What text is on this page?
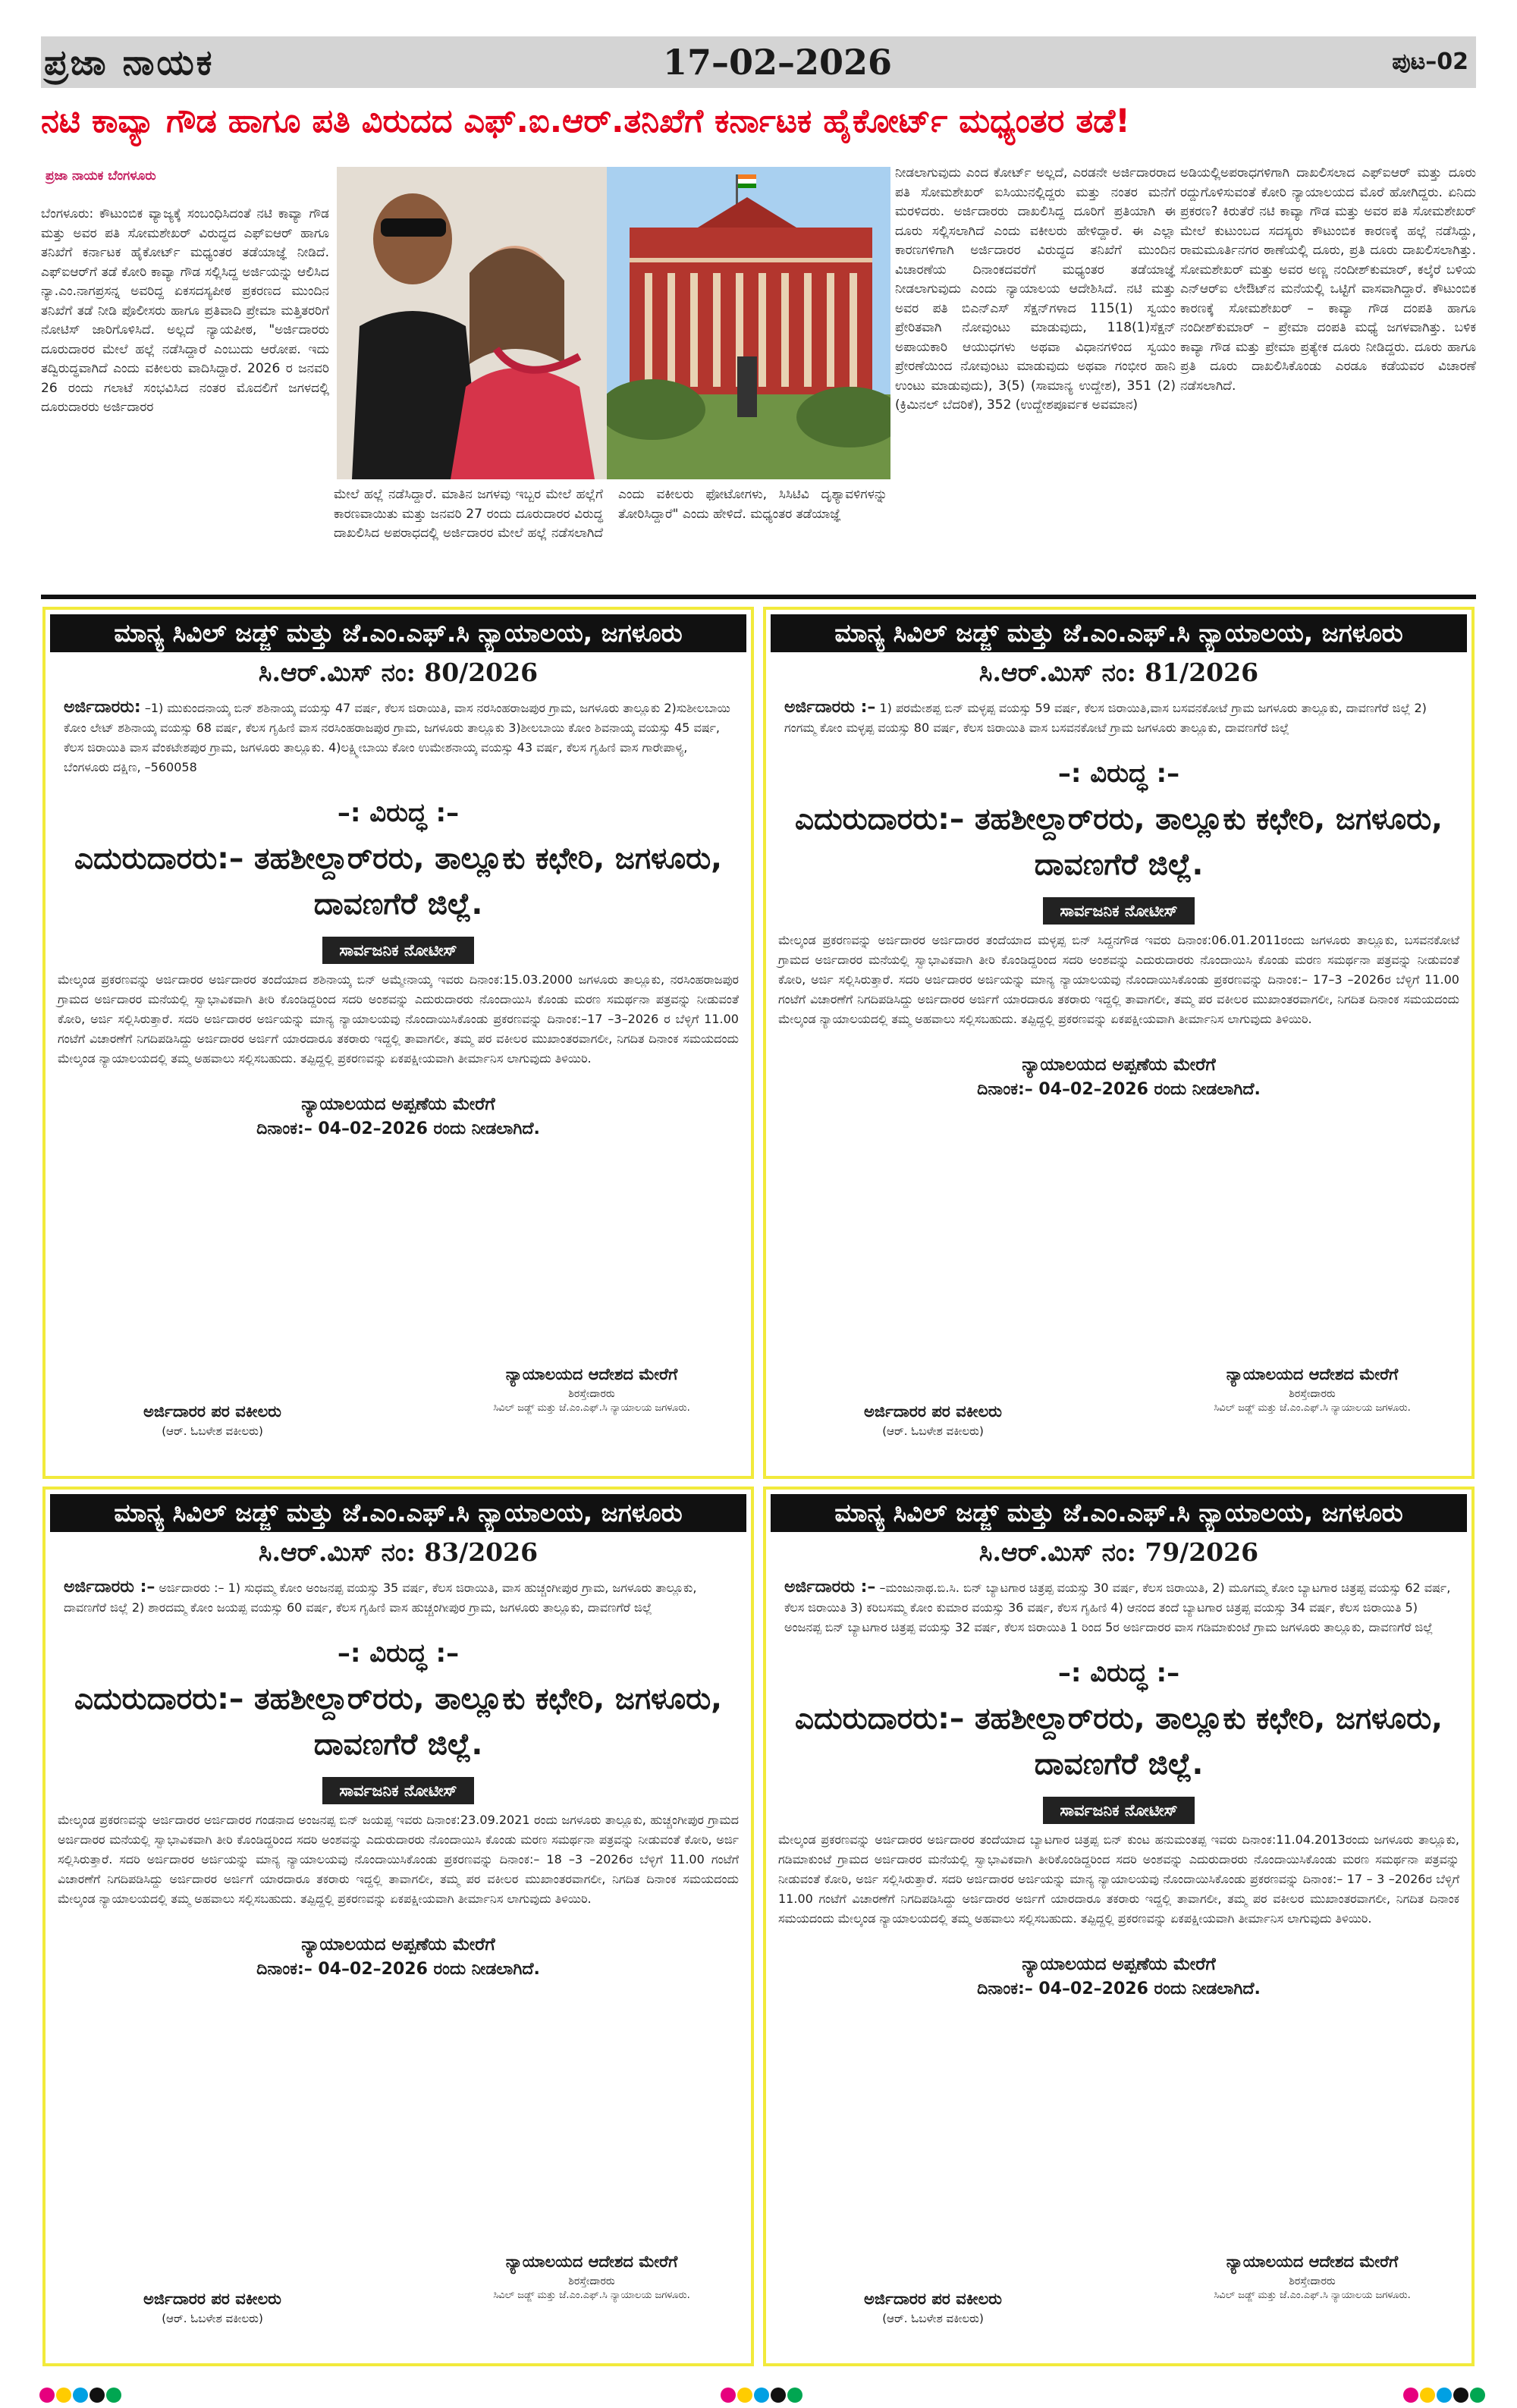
ಪ್ರಜಾ ನಾಯಕ	17–02–2026	ಪುಟ–02
ನಟಿ ಕಾವ್ಯಾ ಗೌಡ ಹಾಗೂ ಪತಿ ವಿರುದದ ಎಫ್.ಐ.ಆರ್.ತನಿಖೆಗೆ ಕರ್ನಾಟಕ ಹೈಕೋರ್ಟ್ ಮಧ್ಯಂತರ ತಡೆ!
ಪ್ರಜಾ ನಾಯಕ ಬೆಂಗಳೂರು
ಬೆಂಗಳೂರು: ಕೌಟುಂಬಿಕ ವ್ಯಾಜ್ಯಕ್ಕೆ ಸಂಬಂಧಿಸಿದಂತೆ ನಟಿ ಕಾವ್ಯಾ ಗೌಡ ಮತ್ತು ಅವರ ಪತಿ ಸೋಮಶೇಖರ್ ವಿರುದ್ಧದ ಎಫ್‌ಐಆರ್ ಹಾಗೂ ತನಿಖೆಗೆ ಕರ್ನಾಟಕ ಹೈಕೋರ್ಟ್ ಮಧ್ಯಂತರ ತಡೆಯಾಜ್ಞೆ ನೀಡಿದೆ. ಎಫ್‌ಐಆರ್‌ಗೆ ತಡೆ ಕೋರಿ ಕಾವ್ಯಾ ಗೌಡ ಸಲ್ಲಿಸಿದ್ದ ಅರ್ಜಿಯನ್ನು ಆಲಿಸಿದ ನ್ಯಾ.ಎಂ.ನಾಗಪ್ರಸನ್ನ ಅವರಿದ್ದ ಏಕಸದಸ್ಯಪೀಠ ಪ್ರಕರಣದ ಮುಂದಿನ ತನಿಖೆಗೆ ತಡೆ ನೀಡಿ ಪೊಲೀಸರು ಹಾಗೂ ಪ್ರತಿವಾದಿ ಪ್ರೇಮಾ ಮತ್ತಿತರರಿಗೆ ನೋಟಿಸ್ ಜಾರಿಗೊಳಿಸಿದೆ. ಅಲ್ಲದೆ ನ್ಯಾಯಪೀಠ, "ಅರ್ಜಿದಾರರು ದೂರುದಾರರ ಮೇಲೆ ಹಲ್ಲೆ ನಡೆಸಿದ್ದಾರೆ ಎಂಬುದು ಆರೋಪ. ಇದು ತದ್ವಿರುದ್ಧವಾಗಿದೆ ಎಂದು ವಕೀಲರು ವಾದಿಸಿದ್ದಾರೆ. 2026 ರ ಜನವರಿ 26 ರಂದು ಗಲಾಟೆ ಸಂಭವಿಸಿದ ನಂತರ ಮೊದಲಿಗೆ ಜಗಳದಲ್ಲಿ ದೂರುದಾರರು ಅರ್ಜಿದಾರರ
ಮೇಲೆ ಹಲ್ಲೆ ನಡೆಸಿದ್ದಾರೆ. ಮಾತಿನ ಜಗಳವು ಇಬ್ಬರ ಮೇಲೆ ಹಲ್ಲೆಗೆ ಕಾರಣವಾಯಿತು ಮತ್ತು ಜನವರಿ 27 ರಂದು ದೂರುದಾರರ ವಿರುದ್ಧ ದಾಖಲಿಸಿದ ಅಪರಾಧದಲ್ಲಿ ಅರ್ಜಿದಾರರ ಮೇಲೆ ಹಲ್ಲೆ ನಡೆಸಲಾಗಿದೆ ಎಂದು ವಕೀಲರು ಫೋಟೋಗಳು, ಸಿಸಿಟಿವಿ ದೃಶ್ಯಾವಳಿಗಳನ್ನು ತೋರಿಸಿದ್ದಾರೆ" ಎಂದು ಹೇಳಿದೆ. ಮಧ್ಯಂತರ ತಡೆಯಾಜ್ಞೆ
ನೀಡಲಾಗುವುದು ಎಂದ ಕೋರ್ಟ್ ಅಲ್ಲದೆ, ಎರಡನೇ ಅರ್ಜಿದಾರರಾದ ಪತಿ ಸೋಮಶೇಖರ್ ಐಸಿಯುನಲ್ಲಿದ್ದರು ಮತ್ತು ನಂತರ ಮನೆಗೆ ಮರಳಿದರು. ಅರ್ಜಿದಾರರು ದಾಖಲಿಸಿದ್ದ ದೂರಿಗೆ ಪ್ರತಿಯಾಗಿ ಈ ದೂರು ಸಲ್ಲಿಸಲಾಗಿದೆ ಎಂದು ವಕೀಲರು ಹೇಳಿದ್ದಾರೆ. ಈ ಎಲ್ಲಾ ಕಾರಣಗಳಿಗಾಗಿ ಅರ್ಜಿದಾರರ ವಿರುದ್ಧದ ತನಿಖೆಗೆ ಮುಂದಿನ ವಿಚಾರಣೆಯ ದಿನಾಂಕದವರೆಗೆ ಮಧ್ಯಂತರ ತಡೆಯಾಜ್ಞೆ ನೀಡಲಾಗುವುದು ಎಂದು ನ್ಯಾಯಾಲಯ ಆದೇಶಿಸಿದೆ. ನಟಿ ಮತ್ತು ಅವರ ಪತಿ ಬಿಎನ್‌ಎಸ್ ಸೆಕ್ಷನ್‌ಗಳಾದ 115(1) ಸ್ವಯಂ ಪ್ರೇರಿತವಾಗಿ ನೋವುಂಟು ಮಾಡುವುದು, 118(1)ಸೆಕ್ಷನ್ ಅಪಾಯಕಾರಿ ಆಯುಧಗಳು ಅಥವಾ ವಿಧಾನಗಳಿಂದ ಸ್ವಯಂ ಪ್ರೇರಣೆಯಿಂದ ನೋವುಂಟು ಮಾಡುವುದು ಅಥವಾ ಗಂಭೀರ ಹಾನಿ ಉಂಟು ಮಾಡುವುದು), 3(5) (ಸಾಮಾನ್ಯ ಉದ್ದೇಶ), 351 (2) (ಕ್ರಿಮಿನಲ್ ಬೆದರಿಕೆ), 352 (ಉದ್ದೇಶಪೂರ್ವಕ ಅವಮಾನ)
ಅಡಿಯಲ್ಲಿಅಪರಾಧಗಳಿಗಾಗಿ ದಾಖಲಿಸಲಾದ ಎಫ್‌ಐಆರ್ ಮತ್ತು ದೂರು ರದ್ದುಗೊಳಿಸುವಂತೆ ಕೋರಿ ನ್ಯಾಯಾಲಯದ ಮೊರೆ ಹೋಗಿದ್ದರು. ಏನಿದು ಪ್ರಕರಣ? ಕಿರುತೆರೆ ನಟಿ ಕಾವ್ಯಾ ಗೌಡ ಮತ್ತು ಅವರ ಪತಿ ಸೋಮಶೇಖರ್ ಮೇಲೆ ಕುಟುಂಬದ ಸದಸ್ಯರು ಕೌಟುಂಬಿಕ ಕಾರಣಕ್ಕೆ ಹಲ್ಲೆ ನಡೆಸಿದ್ದು, ರಾಮಮೂರ್ತಿನಗರ ಠಾಣೆಯಲ್ಲಿ ದೂರು, ಪ್ರತಿ ದೂರು ದಾಖಲಿಸಲಾಗಿತ್ತು. ಸೋಮಶೇಖರ್ ಮತ್ತು ಅವರ ಅಣ್ಣ ನಂದೀಶ್‌ಕುಮಾರ್, ಕಲ್ಕೆರೆ ಬಳಿಯ ಎನ್‌ಆರ್‌ಐ ಲೇಔಟ್‌ನ ಮನೆಯಲ್ಲಿ ಒಟ್ಟಿಗೆ ವಾಸವಾಗಿದ್ದಾರೆ. ಕೌಟುಂಬಿಕ ಕಾರಣಕ್ಕೆ ಸೋಮಶೇಖರ್ – ಕಾವ್ಯಾ ಗೌಡ ದಂಪತಿ ಹಾಗೂ ನಂದೀಶ್‌ಕುಮಾರ್ – ಪ್ರೇಮಾ ದಂಪತಿ ಮಧ್ಯೆ ಜಗಳವಾಗಿತ್ತು. ಬಳಿಕ ಕಾವ್ಯಾ ಗೌಡ ಮತ್ತು ಪ್ರೇಮಾ ಪ್ರತ್ಯೇಕ ದೂರು ನೀಡಿದ್ದರು. ದೂರು ಹಾಗೂ ಪ್ರತಿ ದೂರು ದಾಖಲಿಸಿಕೊಂಡು ಎರಡೂ ಕಡೆಯವರ ವಿಚಾರಣೆ ನಡೆಸಲಾಗಿದೆ.
ಮಾನ್ಯ ಸಿವಿಲ್ ಜಡ್ಜ್ ಮತ್ತು ಜೆ.ಎಂ.ಎಫ್.ಸಿ ನ್ಯಾಯಾಲಯ, ಜಗಳೂರು
ಸಿ.ಆರ್.ಮಿಸ್ ನಂ: 80/2026
ಅರ್ಜಿದಾರರು: –1) ಮುಕುಂದನಾಯ್ಕ ಬಿನ್ ಶಶಿನಾಯ್ಕ ವಯಸ್ಸು 47 ವರ್ಷ, ಕೆಲಸ ಜಿರಾಯಿತಿ, ವಾಸ ನರಸಿಂಹರಾಜಪುರ ಗ್ರಾಮ, ಜಗಳೂರು ತಾಲ್ಲೂಕು 2)ಸುಶೀಲಬಾಯಿ ಕೋಂ ಲೇಟ್ ಶಶಿನಾಯ್ಕ ವಯಸ್ಸು 68 ವರ್ಷ, ಕೆಲಸ ಗೃಹಿಣಿ ವಾಸ ನರಸಿಂಹರಾಜಪುರ ಗ್ರಾಮ, ಜಗಳೂರು ತಾಲ್ಲೂಕು 3)ಶೀಲಬಾಯಿ ಕೋಂ ಶಿವನಾಯ್ಕ ವಯಸ್ಸು 45 ವರ್ಷ, ಕೆಲಸ ಜಿರಾಯಿತಿ ವಾಸ ವೆಂಕಟೇಶಪುರ ಗ್ರಾಮ, ಜಗಳೂರು ತಾಲ್ಲೂಕು. 4)ಲಕ್ಷ್ಮೀಬಾಯಿ ಕೋಂ ಉಮೇಶನಾಯ್ಕ ವಯಸ್ಸು 43 ವರ್ಷ, ಕೆಲಸ ಗೃಹಿಣಿ ವಾಸ ಗಾರೇಪಾಳ್ಯ, ಬೆಂಗಳೂರು ದಕ್ಷಿಣ, –560058
–: ವಿರುದ್ಧ :–
ಎದುರುದಾರರು:– ತಹಶೀಲ್ದಾರ್‌ರರು, ತಾಲ್ಲೂಕು ಕಛೇರಿ, ಜಗಳೂರು, ದಾವಣಗೆರೆ ಜಿಲ್ಲೆ.
ಸಾರ್ವಜನಿಕ ನೋಟೀಸ್
ಮೇಲ್ಕಂಡ ಪ್ರಕರಣವನ್ನು ಅರ್ಜಿದಾರರ ಅರ್ಜಿದಾರರ ತಂದೆಯಾದ ಶಶಿನಾಯ್ಕ ಬಿನ್ ಅಮ್ಮೇನಾಯ್ಕ ಇವರು ದಿನಾಂಕ:15.03.2000 ಜಗಳೂರು ತಾಲ್ಲೂಕು, ನರಸಿಂಹರಾಜಪುರ ಗ್ರಾಮದ ಅರ್ಜಿದಾರರ ಮನೆಯಲ್ಲಿ ಸ್ವಾಭಾವಿಕವಾಗಿ ತೀರಿ ಕೊಂಡಿದ್ದರಿಂದ ಸದರಿ ಅಂಶವನ್ನು ಎದುರುದಾರರು ನೊಂದಾಯಿಸಿ ಕೊಂಡು ಮರಣ ಸಮರ್ಥನಾ ಪತ್ರವನ್ನು ನೀಡುವಂತೆ ಕೋರಿ, ಅರ್ಜಿ ಸಲ್ಲಿಸಿರುತ್ತಾರೆ. ಸದರಿ ಅರ್ಜಿದಾರರ ಅರ್ಜಿಯನ್ನು ಮಾನ್ಯ ನ್ಯಾಯಾಲಯವು ನೊಂದಾಯಿಸಿಕೊಂಡು ಪ್ರಕರಣವನ್ನು ದಿನಾಂಕ:–17 –3–2026 ರ ಬೆಳ್ಳಿಗೆ 11.00 ಗಂಟೆಗೆ ವಿಚಾರಣೆಗೆ ನಿಗದಿಪಡಿಸಿದ್ದು ಅರ್ಜಿದಾರರ ಅರ್ಜಿಗೆ ಯಾರದಾರೂ ತಕರಾರು ಇದ್ದಲ್ಲಿ ತಾವಾಗಲೀ, ತಮ್ಮ ಪರ ವಕೀಲರ ಮುಖಾಂತರವಾಗಲೀ, ನಿಗದಿತ ದಿನಾಂಕ ಸಮಯದಂದು ಮೇಲ್ಕಂಡ ನ್ಯಾಯಾಲಯದಲ್ಲಿ ತಮ್ಮ ಅಹವಾಲು ಸಲ್ಲಿಸಬಹುದು. ತಪ್ಪಿದ್ದಲ್ಲಿ ಪ್ರಕರಣವನ್ನು ಏಕಪಕ್ಷೀಯವಾಗಿ ತೀರ್ಮಾನಿಸ ಲಾಗುವುದು ತಿಳಿಯಿರಿ.
ನ್ಯಾಯಾಲಯದ ಅಪ್ಪಣೆಯ ಮೇರೆಗೆ
ದಿನಾಂಕ:– 04–02–2026 ರಂದು ನೀಡಲಾಗಿದೆ.
ನ್ಯಾಯಾಲಯದ ಆದೇಶದ ಮೇರೆಗೆ
ಶಿರಸ್ತೇದಾರರು
ಸಿವಿಲ್ ಜಡ್ಜ್ ಮತ್ತು ಜೆ.ಎಂ.ಎಫ್.ಸಿ ನ್ಯಾಯಾಲಯ ಜಗಳೂರು.
ಅರ್ಜಿದಾರರ ಪರ ವಕೀಲರು
(ಆರ್. ಓಬಳೇಶ ವಕೀಲರು)
ಮಾನ್ಯ ಸಿವಿಲ್ ಜಡ್ಜ್ ಮತ್ತು ಜೆ.ಎಂ.ಎಫ್.ಸಿ ನ್ಯಾಯಾಲಯ, ಜಗಳೂರು
ಸಿ.ಆರ್.ಮಿಸ್ ನಂ: 81/2026
ಅರ್ಜಿದಾರರು :– 1) ಪರಮೇಶಪ್ಪ ಬಿನ್ ಮಳ್ಳಪ್ಪ ವಯಸ್ಸು 59 ವರ್ಷ, ಕೆಲಸ ಜಿರಾಯಿತಿ,ವಾಸ ಬಸವನಕೋಟೆ ಗ್ರಾಮ ಜಗಳೂರು ತಾಲ್ಲೂಕು, ದಾವಣಗೆರೆ ಜಿಲ್ಲೆ 2) ಗಂಗಮ್ಮ ಕೋಂ ಮಳ್ಳಪ್ಪ ವಯಸ್ಸು 80 ವರ್ಷ, ಕೆಲಸ ಜಿರಾಯಿತಿ ವಾಸ ಬಸವನಕೋಟೆ ಗ್ರಾಮ ಜಗಳೂರು ತಾಲ್ಲೂಕು, ದಾವಣಗೆರೆ ಜಿಲ್ಲೆ
–: ವಿರುದ್ಧ :–
ಎದುರುದಾರರು:– ತಹಶೀಲ್ದಾರ್‌ರರು, ತಾಲ್ಲೂಕು ಕಛೇರಿ, ಜಗಳೂರು, ದಾವಣಗೆರೆ ಜಿಲ್ಲೆ.
ಸಾರ್ವಜನಿಕ ನೋಟೀಸ್
ಮೇಲ್ಕಂಡ ಪ್ರಕರಣವನ್ನು ಅರ್ಜಿದಾರರ ಅರ್ಜಿದಾರರ ತಂದೆಯಾದ ಮಳ್ಳಪ್ಪ ಬಿನ್ ಸಿದ್ದನಗೌಡ ಇವರು ದಿನಾಂಕ:06.01.2011ರಂದು ಜಗಳೂರು ತಾಲ್ಲೂಕು, ಬಸವನಕೋಟೆ ಗ್ರಾಮದ ಅರ್ಜಿದಾರರ ಮನೆಯಲ್ಲಿ ಸ್ವಾಭಾವಿಕವಾಗಿ ತೀರಿ ಕೊಂಡಿದ್ದರಿಂದ ಸದರಿ ಅಂಶವನ್ನು ಎದುರುದಾರರು ನೊಂದಾಯಿಸಿ ಕೊಂಡು ಮರಣ ಸಮರ್ಥನಾ ಪತ್ರವನ್ನು ನೀಡುವಂತೆ ಕೋರಿ, ಅರ್ಜಿ ಸಲ್ಲಿಸಿರುತ್ತಾರೆ. ಸದರಿ ಅರ್ಜಿದಾರರ ಅರ್ಜಿಯನ್ನು ಮಾನ್ಯ ನ್ಯಾಯಾಲಯವು ನೊಂದಾಯಿಸಿಕೊಂಡು ಪ್ರಕರಣವನ್ನು ದಿನಾಂಕ:– 17–3 –2026ರ ಬೆಳ್ಳಿಗೆ 11.00 ಗಂಟೆಗೆ ವಿಚಾರಣೆಗೆ ನಿಗದಿಪಡಿಸಿದ್ದು ಅರ್ಜಿದಾರರ ಅರ್ಜಿಗೆ ಯಾರದಾರೂ ತಕರಾರು ಇದ್ದಲ್ಲಿ ತಾವಾಗಲೀ, ತಮ್ಮ ಪರ ವಕೀಲರ ಮುಖಾಂತರವಾಗಲೀ, ನಿಗದಿತ ದಿನಾಂಕ ಸಮಯದಂದು ಮೇಲ್ಕಂಡ ನ್ಯಾಯಾಲಯದಲ್ಲಿ ತಮ್ಮ ಅಹವಾಲು ಸಲ್ಲಿಸಬಹುದು. ತಪ್ಪಿದ್ದಲ್ಲಿ ಪ್ರಕರಣವನ್ನು ಏಕಪಕ್ಷೀಯವಾಗಿ ತೀರ್ಮಾನಿಸ ಲಾಗುವುದು ತಿಳಿಯಿರಿ.
ನ್ಯಾಯಾಲಯದ ಅಪ್ಪಣೆಯ ಮೇರೆಗೆ
ದಿನಾಂಕ:– 04–02–2026 ರಂದು ನೀಡಲಾಗಿದೆ.
ನ್ಯಾಯಾಲಯದ ಆದೇಶದ ಮೇರೆಗೆ
ಶಿರಸ್ತೇದಾರರು
ಸಿವಿಲ್ ಜಡ್ಜ್ ಮತ್ತು ಜೆ.ಎಂ.ಎಫ್.ಸಿ ನ್ಯಾಯಾಲಯ ಜಗಳೂರು.
ಅರ್ಜಿದಾರರ ಪರ ವಕೀಲರು
(ಆರ್. ಓಬಳೇಶ ವಕೀಲರು)
ಮಾನ್ಯ ಸಿವಿಲ್ ಜಡ್ಜ್ ಮತ್ತು ಜೆ.ಎಂ.ಎಫ್.ಸಿ ನ್ಯಾಯಾಲಯ, ಜಗಳೂರು
ಸಿ.ಆರ್.ಮಿಸ್ ನಂ: 83/2026
ಅರ್ಜಿದಾರರು :– ಅರ್ಜಿದಾರರು :– 1) ಸುಧಮ್ಮ ಕೋಂ ಅಂಜನಪ್ಪ ವಯಸ್ಸು 35 ವರ್ಷ, ಕೆಲಸ ಜಿರಾಯಿತಿ, ವಾಸ ಹುಚ್ಚಂಗೀಪುರ ಗ್ರಾಮ, ಜಗಳೂರು ತಾಲ್ಲೂಕು, ದಾವಣಗೆರೆ ಜಿಲ್ಲೆ 2) ಶಾರದಮ್ಮ ಕೋಂ ಜಯಪ್ಪ ವಯಸ್ಸು 60 ವರ್ಷ, ಕೆಲಸ ಗೃಹಿಣಿ ವಾಸ ಹುಚ್ಚಂಗೀಪುರ ಗ್ರಾಮ, ಜಗಳೂರು ತಾಲ್ಲೂಕು, ದಾವಣಗೆರೆ ಜಿಲ್ಲೆ
–: ವಿರುದ್ಧ :–
ಎದುರುದಾರರು:– ತಹಶೀಲ್ದಾರ್‌ರರು, ತಾಲ್ಲೂಕು ಕಛೇರಿ, ಜಗಳೂರು, ದಾವಣಗೆರೆ ಜಿಲ್ಲೆ.
ಸಾರ್ವಜನಿಕ ನೋಟೀಸ್
ಮೇಲ್ಕಂಡ ಪ್ರಕರಣವನ್ನು ಅರ್ಜಿದಾರರ ಅರ್ಜಿದಾರರ ಗಂಡನಾದ ಅಂಜನಪ್ಪ ಬಿನ್ ಜಯಪ್ಪ ಇವರು ದಿನಾಂಕ:23.09.2021 ರಂದು ಜಗಳೂರು ತಾಲ್ಲೂಕು, ಹುಚ್ಚಂಗೀಪುರ ಗ್ರಾಮದ ಅರ್ಜಿದಾರರ ಮನೆಯಲ್ಲಿ ಸ್ವಾಭಾವಿಕವಾಗಿ ತೀರಿ ಕೊಂಡಿದ್ದರಿಂದ ಸದರಿ ಅಂಶವನ್ನು ಎದುರುದಾರರು ನೊಂದಾಯಿಸಿ ಕೊಂಡು ಮರಣ ಸಮರ್ಥನಾ ಪತ್ರವನ್ನು ನೀಡುವಂತೆ ಕೋರಿ, ಅರ್ಜಿ ಸಲ್ಲಿಸಿರುತ್ತಾರೆ. ಸದರಿ ಅರ್ಜಿದಾರರ ಅರ್ಜಿಯನ್ನು ಮಾನ್ಯ ನ್ಯಾಯಾಲಯವು ನೊಂದಾಯಿಸಿಕೊಂಡು ಪ್ರಕರಣವನ್ನು ದಿನಾಂಕ:– 18 –3 –2026ರ ಬೆಳ್ಳಿಗೆ 11.00 ಗಂಟೆಗೆ ವಿಚಾರಣೆಗೆ ನಿಗದಿಪಡಿಸಿದ್ದು ಅರ್ಜಿದಾರರ ಅರ್ಜಿಗೆ ಯಾರದಾರೂ ತಕರಾರು ಇದ್ದಲ್ಲಿ ತಾವಾಗಲೀ, ತಮ್ಮ ಪರ ವಕೀಲರ ಮುಖಾಂತರವಾಗಲೀ, ನಿಗದಿತ ದಿನಾಂಕ ಸಮಯದಂದು ಮೇಲ್ಕಂಡ ನ್ಯಾಯಾಲಯದಲ್ಲಿ ತಮ್ಮ ಅಹವಾಲು ಸಲ್ಲಿಸಬಹುದು. ತಪ್ಪಿದ್ದಲ್ಲಿ ಪ್ರಕರಣವನ್ನು ಏಕಪಕ್ಷೀಯವಾಗಿ ತೀರ್ಮಾನಿಸ ಲಾಗುವುದು ತಿಳಿಯಿರಿ.
ನ್ಯಾಯಾಲಯದ ಅಪ್ಪಣೆಯ ಮೇರೆಗೆ
ದಿನಾಂಕ:– 04–02–2026 ರಂದು ನೀಡಲಾಗಿದೆ.
ನ್ಯಾಯಾಲಯದ ಆದೇಶದ ಮೇರೆಗೆ
ಶಿರಸ್ತೇದಾರರು
ಸಿವಿಲ್ ಜಡ್ಜ್ ಮತ್ತು ಜೆ.ಎಂ.ಎಫ್.ಸಿ ನ್ಯಾಯಾಲಯ ಜಗಳೂರು.
ಅರ್ಜಿದಾರರ ಪರ ವಕೀಲರು
(ಆರ್. ಓಬಳೇಶ ವಕೀಲರು)
ಮಾನ್ಯ ಸಿವಿಲ್ ಜಡ್ಜ್ ಮತ್ತು ಜೆ.ಎಂ.ಎಫ್.ಸಿ ನ್ಯಾಯಾಲಯ, ಜಗಳೂರು
ಸಿ.ಆರ್.ಮಿಸ್ ನಂ: 79/2026
ಅರ್ಜಿದಾರರು :– –ಮಂಜುನಾಥ.ಬಿ.ಸಿ. ಬಿನ್ ಬ್ಯಾಟಗಾರ ಚಿತ್ರಪ್ಪ ವಯಸ್ಸು 30 ವರ್ಷ, ಕೆಲಸ ಜಿರಾಯಿತಿ, 2) ಮೂಗಮ್ಮ ಕೋಂ ಬ್ಯಾಟಗಾರ ಚಿತ್ರಪ್ಪ ವಯಸ್ಸು 62 ವರ್ಷ, ಕೆಲಸ ಜಿರಾಯಿತಿ 3) ಕರಿಬಸಮ್ಮ ಕೋಂ ಕುಮಾರ ವಯಸ್ಸು 36 ವರ್ಷ, ಕೆಲಸ ಗೃಹಿಣಿ 4) ಆನಂದ ತಂದೆ ಬ್ಯಾಟಗಾರ ಚಿತ್ರಪ್ಪ ವಯಸ್ಸು 34 ವರ್ಷ, ಕೆಲಸ ಜಿರಾಯಿತಿ 5) ಅಂಜನಪ್ಪ ಬಿನ್ ಬ್ಯಾಟಗಾರ ಚಿತ್ರಪ್ಪ ವಯಸ್ಸು 32 ವರ್ಷ, ಕೆಲಸ ಜಿರಾಯಿತಿ 1 ರಿಂದ 5ರ ಅರ್ಜಿದಾರರ ವಾಸ ಗಡಿಮಾಕುಂಟೆ ಗ್ರಾಮ ಜಗಳೂರು ತಾಲ್ಲೂಕು, ದಾವಣಗೆರೆ ಜಿಲ್ಲೆ
–: ವಿರುದ್ಧ :–
ಎದುರುದಾರರು:– ತಹಶೀಲ್ದಾರ್‌ರರು, ತಾಲ್ಲೂಕು ಕಛೇರಿ, ಜಗಳೂರು, ದಾವಣಗೆರೆ ಜಿಲ್ಲೆ.
ಸಾರ್ವಜನಿಕ ನೋಟೀಸ್
ಮೇಲ್ಕಂಡ ಪ್ರಕರಣವನ್ನು ಅರ್ಜಿದಾರರ ಅರ್ಜಿದಾರರ ತಂದೆಯಾದ ಬ್ಯಾಟಗಾರ ಚಿತ್ರಪ್ಪ ಬಿನ್ ಕುಂಟ ಹನುಮಂತಪ್ಪ ಇವರು ದಿನಾಂಕ:11.04.2013ರಂದು ಜಗಳೂರು ತಾಲ್ಲೂಕು, ಗಡಿಮಾಕುಂಟೆ ಗ್ರಾಮದ ಅರ್ಜಿದಾರರ ಮನೆಯಲ್ಲಿ ಸ್ವಾಭಾವಿಕವಾಗಿ ತೀರಿಕೊಂಡಿದ್ದರಿಂದ ಸದರಿ ಅಂಶವನ್ನು ಎದುರುದಾರರು ನೊಂದಾಯಿಸಿಕೊಂಡು ಮರಣ ಸಮರ್ಥನಾ ಪತ್ರವನ್ನು ನೀಡುವಂತೆ ಕೋರಿ, ಅರ್ಜಿ ಸಲ್ಲಿಸಿರುತ್ತಾರೆ. ಸದರಿ ಅರ್ಜಿದಾರರ ಅರ್ಜಿಯನ್ನು ಮಾನ್ಯ ನ್ಯಾಯಾಲಯವು ನೊಂದಾಯಿಸಿಕೊಂಡು ಪ್ರಕರಣವನ್ನು ದಿನಾಂಕ:– 17 – 3 –2026ರ ಬೆಳ್ಳಿಗೆ 11.00 ಗಂಟೆಗೆ ವಿಚಾರಣೆಗೆ ನಿಗದಿಪಡಿಸಿದ್ದು ಅರ್ಜಿದಾರರ ಅರ್ಜಿಗೆ ಯಾರದಾರೂ ತಕರಾರು ಇದ್ದಲ್ಲಿ ತಾವಾಗಲೀ, ತಮ್ಮ ಪರ ವಕೀಲರ ಮುಖಾಂತರವಾಗಲೀ, ನಿಗದಿತ ದಿನಾಂಕ ಸಮಯದಂದು ಮೇಲ್ಕಂಡ ನ್ಯಾಯಾಲಯದಲ್ಲಿ ತಮ್ಮ ಅಹವಾಲು ಸಲ್ಲಿಸಬಹುದು. ತಪ್ಪಿದ್ದಲ್ಲಿ ಪ್ರಕರಣವನ್ನು ಏಕಪಕ್ಷೀಯವಾಗಿ ತೀರ್ಮಾನಿಸ ಲಾಗುವುದು ತಿಳಿಯಿರಿ.
ನ್ಯಾಯಾಲಯದ ಅಪ್ಪಣೆಯ ಮೇರೆಗೆ
ದಿನಾಂಕ:– 04–02–2026 ರಂದು ನೀಡಲಾಗಿದೆ.
ನ್ಯಾಯಾಲಯದ ಆದೇಶದ ಮೇರೆಗೆ
ಶಿರಸ್ತೇದಾರರು
ಸಿವಿಲ್ ಜಡ್ಜ್ ಮತ್ತು ಜೆ.ಎಂ.ಎಫ್.ಸಿ ನ್ಯಾಯಾಲಯ ಜಗಳೂರು.
ಅರ್ಜಿದಾರರ ಪರ ವಕೀಲರು
(ಆರ್. ಓಬಳೇಶ ವಕೀಲರು)
